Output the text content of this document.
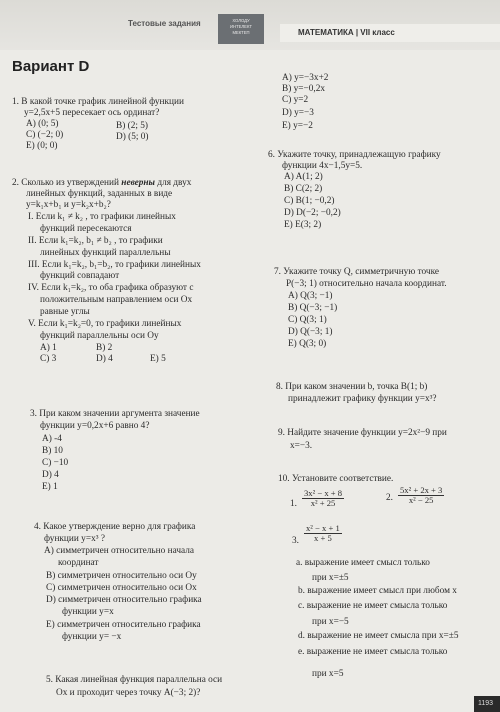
Тестовые задания	ХОЛОДУ
ИНТЕЛЕКТ
МЕКТЕП	МАТЕМАТИКА | VII класс
Вариант D
1. В какой точке график линейной функции
y=2,5x+5 пересекает ось ординат?
A) (0; 5)	B) (2; 5)
C) (−2; 0)	D) (5; 0)
E) (0; 0)
2. Сколько из утверждений неверны для двух
линейных функций, заданных в виде
y=k₁x+b₁ и y=k₂x+b₂?
I. Если k₁ ≠ k₂ , то графики линейных
функций пересекаются
II. Если k₁=k₂, b₁ ≠ b₂ , то графики
линейных функций параллельны
III. Если k₁=k₂, b₁=b₂, то графики линейных
функций совпадают
IV. Если k₁=k₂, то оба графика образуют с
положительным направлением оси Ox
равные углы
V. Если k₁=k₂=0, то графики линейных
функций параллельны оси Oy
A) 1	B) 2
C) 3	D) 4	E) 5
3. При каком значении аргумента значение
функции y=0,2x+6 равно 4?
A) -4
B) 10
C) −10
D) 4
E) 1
4. Какое утверждение верно для графика
функции y=x³ ?
A) симметричен относительно начала
координат
B) симметричен относительно оси Oy
C) симметричен относительно оси Ox
D) симметричен относительно графика
функции y=x
E) симметричен относительно графика
функции y= −x
5. Какая линейная функция параллельна оси
Ox и проходит через точку A(−3; 2)?
A) y=−3x+2
B) y=−0,2x
C) y=2
D) y=−3
E) y=−2
6. Укажите точку, принадлежащую графику
функции 4x−1,5y=5.
A) A(1; 2)
B) C(2; 2)
C) B(1; −0,2)
D) D(−2; −0,2)
E) E(3; 2)
7. Укажите точку Q, симметричную точке
P(−3; 1) относительно начала координат.
A) Q(3; −1)
B) Q(−3; −1)
C) Q(3; 1)
D) Q(−3; 1)
E) Q(3; 0)
8. При каком значении b, точка B(1; b)
принадлежит графику функции y=x³?
9. Найдите значение функции y=2x²−9 при
x=−3.
10. Установите соответствие.
1. $\frac{\text{3x² − x + 8}}{\text{x² + 25}}$	2. $\frac{\text{5x² + 2x + 3}}{\text{x² − 25}}$
3. $\frac{\text{x² − x + 1}}{x + 5}$
a. выражение имеет смысл только
при x=±5
b. выражение имеет смысл при любом x
c. выражение не имеет смысла только
при x=−5
d. выражение не имеет смысла при x=±5
e. выражение не имеет смысла только
при x=5
1193
